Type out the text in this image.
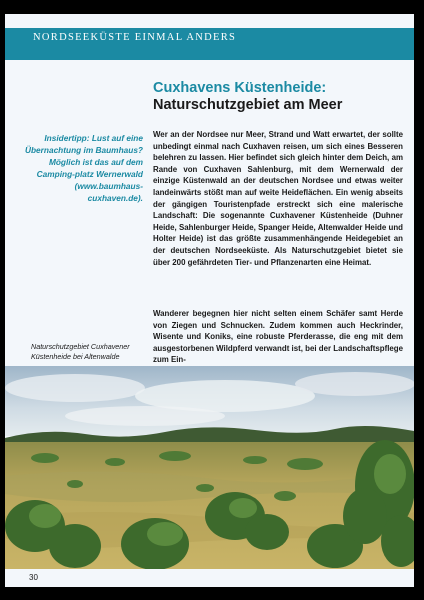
NORDSEEKÜSTE EINMAL ANDERS
Cuxhavens Küstenheide:
Naturschutzgebiet am Meer
Insidertipp: Lust auf eine Übernachtung im Baumhaus? Möglich ist das auf dem Camping-platz Wernerwald (www.baumhaus-cuxhaven.de).

Wer an der Nordsee nur Meer, Strand und Watt erwartet, der sollte unbedingt einmal nach Cuxhaven reisen, um sich eines Besseren belehren zu lassen. Hier befindet sich gleich hinter dem Deich, am Rande von Cuxhaven Sahlenburg, mit dem Wernerwald der einzige Küstenwald an der deutschen Nordsee und etwas weiter landeinwärts stößt man auf weite Heideflächen. Ein wenig abseits der gängigen Touristenpfade erstreckt sich eine malerische Landschaft: Die sogenannte Cuxhavener Küstenheide (Duhner Heide, Sahlenburger Heide, Spanger Heide, Altenwalder Heide und Holter Heide) ist das größte zusammenhängende Heidegebiet an der deutschen Nordseeküste. Als Naturschutzgebiet bietet sie über 200 gefährdeten Tier- und Pflanzenarten eine Heimat.

Wanderer begegnen hier nicht selten einem Schäfer samt Herde von Ziegen und Schnucken. Zudem kommen auch Heckrinder, Wisente und Koniks, eine robuste Pferderasse, die eng mit dem ausgestorbenen Wildpferd verwandt ist, bei der Landschaftspflege zum Ein-

Naturschutzgebiet Cuxhavener Küstenheide bei Altenwalde
30
